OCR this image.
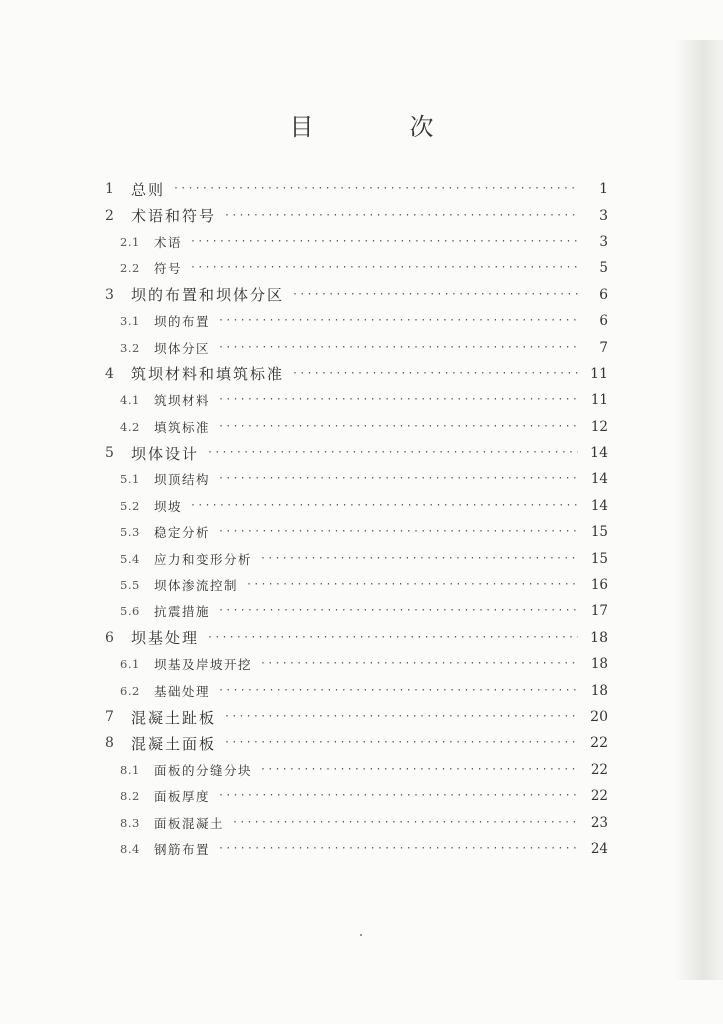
目　次
1	总则 ·····	1
2	术语和符号 ·····	3
2.1	术语 ·····	3
2.2	符号 ·····	5
3	坝的布置和坝体分区 ·····	6
3.1	坝的布置 ·····	6
3.2	坝体分区 ·····	7
4	筑坝材料和填筑标准 ·····	11
4.1	筑坝材料 ·····	11
4.2	填筑标准 ·····	12
5	坝体设计 ·····	14
5.1	坝顶结构 ·····	14
5.2	坝坡 ·····	14
5.3	稳定分析 ·····	15
5.4	应力和变形分析 ·····	15
5.5	坝体渗流控制 ·····	16
5.6	抗震措施 ·····	17
6	坝基处理 ·····	18
6.1	坝基及岸坡开挖 ·····	18
6.2	基础处理 ·····	18
7	混凝土趾板 ·····	20
8	混凝土面板 ·····	22
8.1	面板的分缝分块 ·····	22
8.2	面板厚度 ·····	22
8.3	面板混凝土 ·····	23
8.4	钢筋布置 ·····	24
